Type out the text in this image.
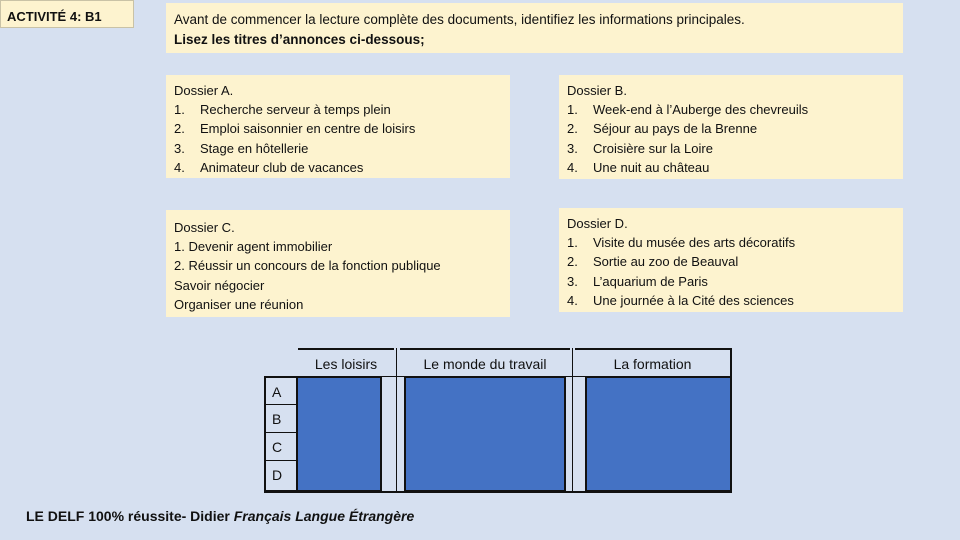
ACTIVITÉ 4: B1	Avant de commencer la lecture complète des documents, identifiez les informations principales.
Lisez les titres d’annonces ci-dessous;
Dossier A.
1.	Recherche serveur à temps plein
2.	Emploi saisonnier en centre de loisirs
3.	Stage en hôtellerie
4.	Animateur club de vacances
Dossier B.
1.	Week-end à l’Auberge des chevreuils
2.	Séjour au pays de la Brenne
3.	Croisière sur la Loire
4.	Une nuit au château
Dossier C.
1. Devenir agent immobilier
2. Réussir un concours de la fonction publique
Savoir négocier
Organiser une réunion
Dossier D.
1.	Visite du musée des arts décoratifs
2.	Sortie au zoo de Beauval
3.	L’aquarium de Paris
4.	Une journée à la Cité des sciences
Les loisirs	Le monde du travail	La formation
A
B
C
D
LE DELF 100% réussite- Didier Français Langue Étrangère
